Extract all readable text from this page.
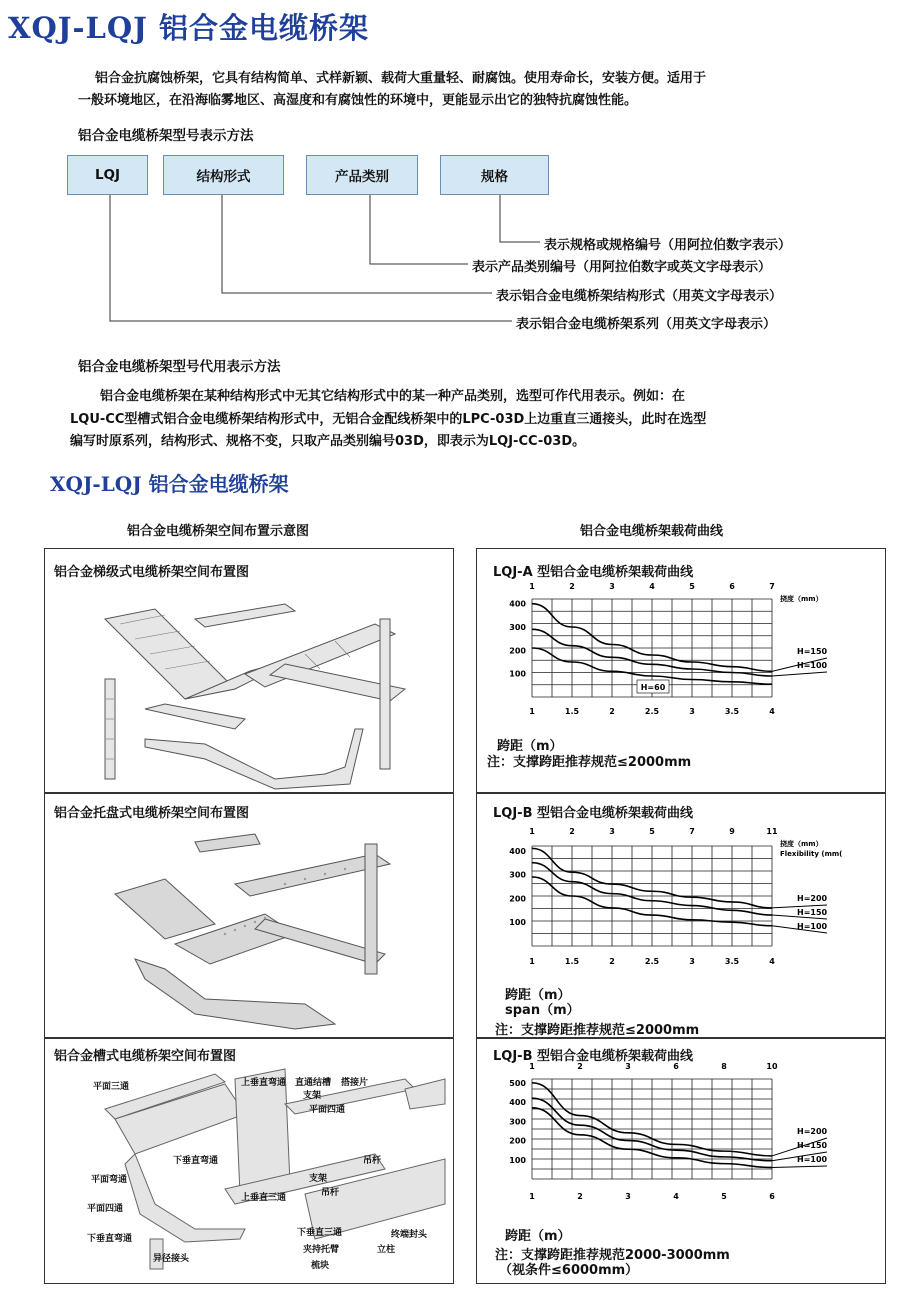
XQJ-LQJ 铝合金电缆桥架
铝合金抗腐蚀桥架，它具有结构简单、式样新颖、载荷大重量轻、耐腐蚀。使用寿命长，安装方便。适用于
一般环境地区，在沿海临雾地区、高湿度和有腐蚀性的环境中，更能显示出它的独特抗腐蚀性能。
铝合金电缆桥架型号表示方法
LQJ	结构形式	产品类别	规格
表示规格或规格编号（用阿拉伯数字表示）
表示产品类别编号（用阿拉伯数字或英文字母表示）
表示铝合金电缆桥架结构形式（用英文字母表示）
表示铝合金电缆桥架系列（用英文字母表示）
铝合金电缆桥架型号代用表示方法
铝合金电缆桥架在某种结构形式中无其它结构形式中的某一种产品类别，选型可作代用表示。例如：在
LQU-CC型槽式铝合金电缆桥架结构形式中，无铝合金配线桥架中的LPC-03D上边重直三通接头，此时在选型
编写时原系列，结构形式、规格不变，只取产品类别编号03D，即表示为LQJ-CC-03D。
XQJ-LQJ 铝合金电缆桥架
铝合金电缆桥架空间布置示意图	铝合金电缆桥架载荷曲线
铝合金梯级式电缆桥架空间布置图
铝合金托盘式电缆桥架空间布置图
铝合金槽式电缆桥架空间布置图
平面三通	上垂直弯通 直通结槽 搭接片
支架
平面四通
下垂直弯通	吊杆
平面弯通	支架
上垂直三通	吊杆
平面四通
下垂直三通
下垂直弯通
夹持托臂	立柱
终端封头
异径接头
梳块
LQJ-A 型铝合金电缆桥架载荷曲线
400
300
200
100
1	1.5	2	2.5	3	3.5	4
1	2	3	4	5	6	7
挠度（mm）
H=150
H=100
H=60
跨距（m）
注：支撑跨距推荐规范≤2000mm
LQJ-B 型铝合金电缆桥架载荷曲线
400
300
200
100
1	1.5	2	2.5	3	3.5	4
1	2	3	5	7	9	11
挠度（mm）
Flexibility (mm(
H=200
H=150
H=100
跨距（m）
span（m）
注：支撑跨距推荐规范≤2000mm
LQJ-B 型铝合金电缆桥架载荷曲线
500
400
300
200
100
1	2	3	4	5	6
1	2	3	6	8	10
H=200
H=150
H=100
跨距（m）
注：支撑跨距推荐规范2000-3000mm
（视条件≤6000mm）
